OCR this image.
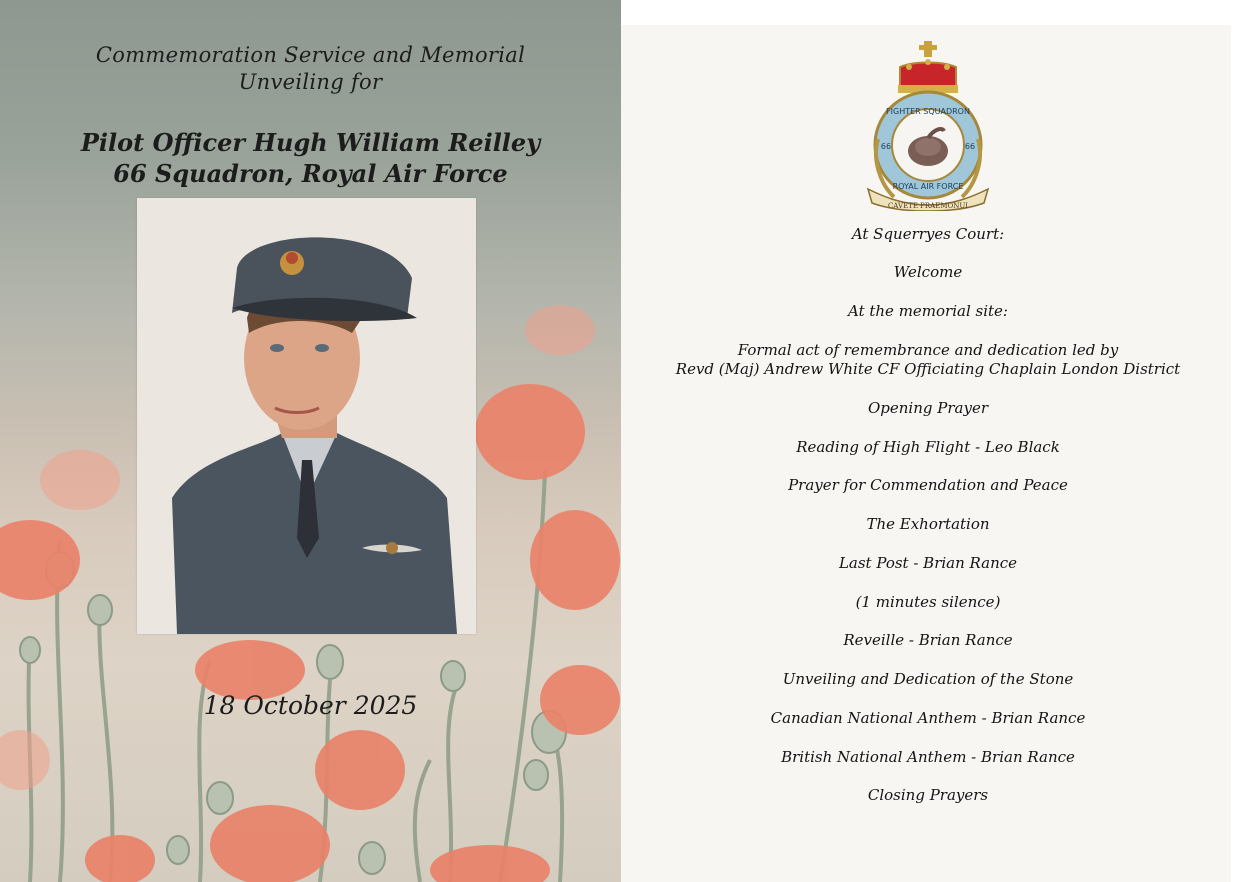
Commemoration Service and Memorial
Unveiling for
Pilot Officer Hugh William Reilley
66 Squadron, Royal Air Force
18 October 2025
CAVETE PRAEMONUI
FIGHTER SQUADRON
ROYAL AIR FORCE
66	66
At Squerryes Court:
Welcome
At the memorial site:
Formal act of remembrance and dedication led by
Revd (Maj) Andrew White CF Officiating Chaplain London District
Opening Prayer
Reading of High Flight - Leo Black
Prayer for Commendation and Peace
The Exhortation
Last Post - Brian Rance
(1 minutes silence)
Reveille - Brian Rance
Unveiling and Dedication of the Stone
Canadian National Anthem - Brian Rance
British National Anthem - Brian Rance
Closing Prayers
